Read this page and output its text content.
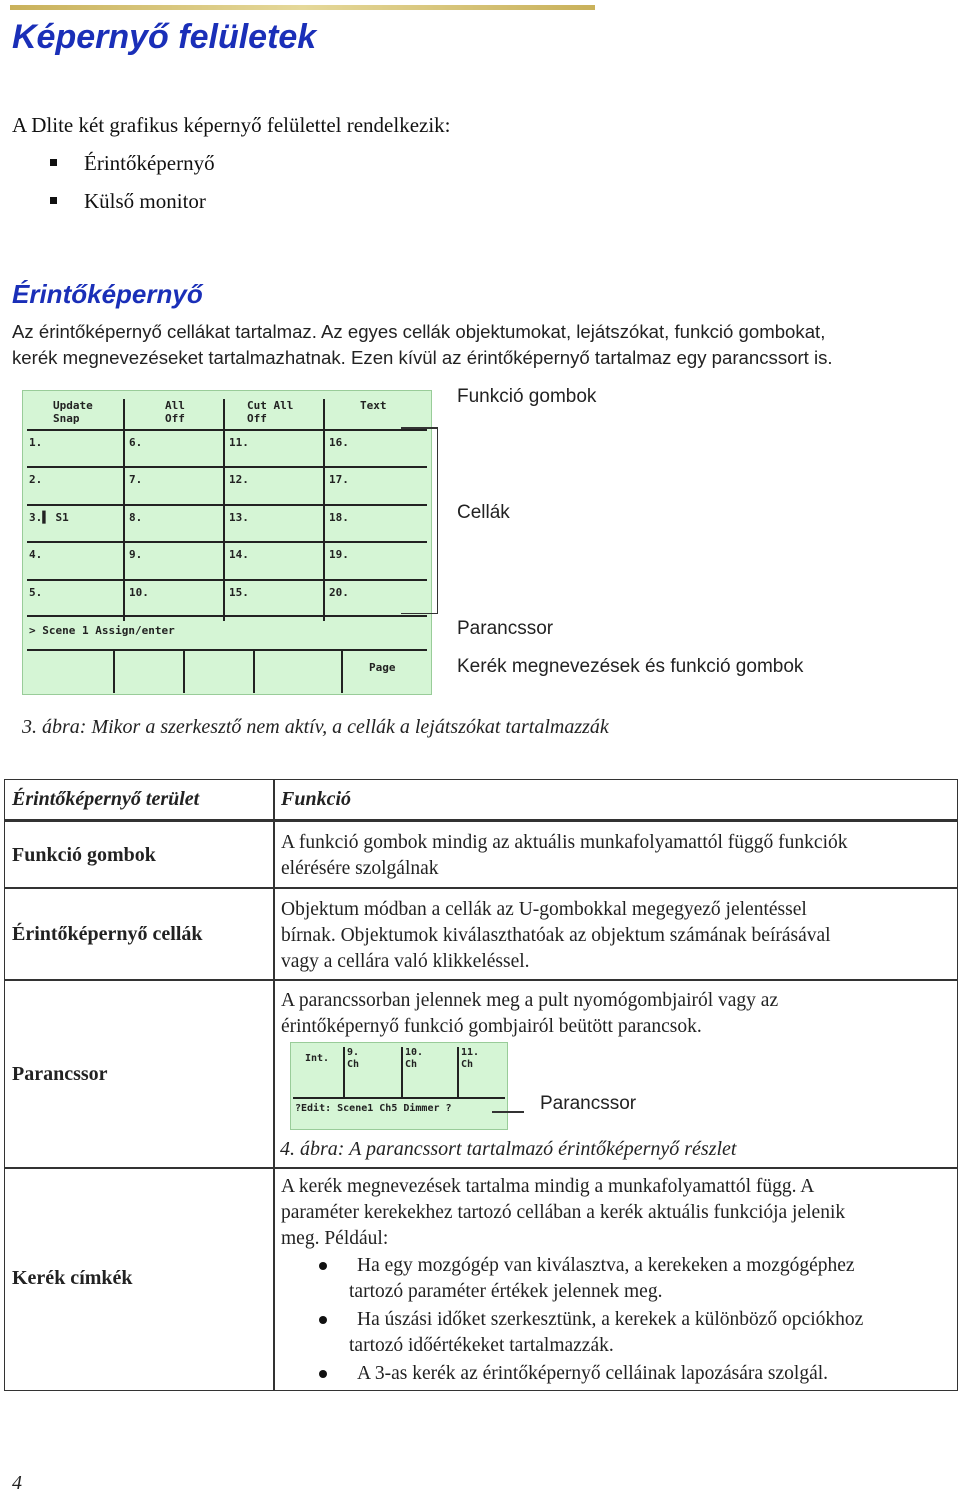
Képernyő felületek
A Dlite két grafikus képernyő felülettel rendelkezik:
Érintőképernyő
Külső monitor
Érintőképernyő
Az érintőképernyő cellákat tartalmaz. Az egyes cellák objektumokat, lejátszókat, funkció gombokat,
kerék megnevezéseket tartalmazhatnak. Ezen kívül az érintőképernyő tartalmaz egy parancssort is.
Update
Snap
All
Off
Cut All
Off
Text
1.
2.
3.▌ S1
4.
5.
6.
7.
8.
9.
10.
11.
12.
13.
14.
15.
16.
17.
18.
19.
20.
> Scene 1 Assign/enter
Page
Funkció gombok
Cellák
Parancssor
Kerék megnevezések és funkció gombok
3. ábra: Mikor a szerkesztő nem aktív, a cellák a lejátszókat tartalmazzák
Érintőképernyő terület	Funkció
Funkció gombok
A funkció gombok mindig az aktuális munkafolyamattól függő funkciók
elérésére szolgálnak
Érintőképernyő cellák
Objektum módban a cellák az U-gombokkal megegyező jelentéssel
bírnak. Objektumok kiválaszthatóak az objektum számának beírásával
vagy a cellára való klikkeléssel.
Parancssor
A parancssorban jelennek meg a pult nyomógombjairól vagy az
érintőképernyő funkció gombjairól beütött parancsok.
Kerék címkék
A kerék megnevezések tartalma mindig a munkafolyamattól függ. A
paraméter kerekekhez tartozó cellában a kerék aktuális funkciója jelenik
meg. Például:
Ha egy mozgógép van kiválasztva, a kerekeken a mozgógéphez
tartozó paraméter értékek jelennek meg.
Ha úszási időket szerkesztünk, a kerekek a különböző opciókhoz
tartozó időértékeket tartalmazzák.
A 3-as kerék az érintőképernyő celláinak lapozására szolgál.
Int.
9.
Ch
10.
Ch
11.
Ch
?Edit: Scene1 Ch5 Dimmer ?	Parancssor
4. ábra: A parancssort tartalmazó érintőképernyő részlet
4
